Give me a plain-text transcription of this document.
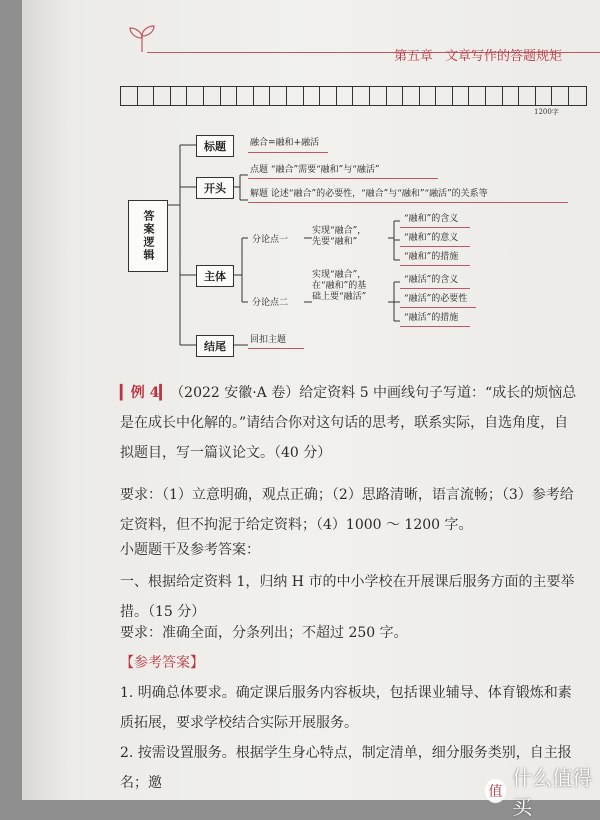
第五章 文章写作的答题规矩
1200字
答案逻辑
标题
开头
主体
结尾
融合=融和+融活
点题 “融合”需要“融和”与“融活”
解题 论述“融合”的必要性，“融合”与“融和”“融活”的关系等
分论点一
实现“融合”，
先要“融和”
分论点二
实现“融合”，
在“融和”的基
础上要“融活”
“融和”的含义
“融和”的意义
“融和”的措施
“融活”的含义
“融活”的必要性
“融活”的措施
回扣主题
▎例 4▎（2022 安徽·A 卷）给定资料 5 中画线句子写道：“成长的烦恼总是在成长中化解的。”请结合你对这句话的思考，联系实际，自选角度，自拟题目，写一篇议论文。（40 分）
要求：（1）立意明确，观点正确；（2）思路清晰，语言流畅；（3）参考给定资料，但不拘泥于给定资料；（4）1000 ～ 1200 字。
小题题干及参考答案：
一、根据给定资料 1，归纳 H 市的中小学校在开展课后服务方面的主要举措。（15 分）
要求：准确全面，分条列出；不超过 250 字。
【参考答案】
1. 明确总体要求。确定课后服务内容板块，包括课业辅导、体育锻炼和素质拓展，要求学校结合实际开展服务。
2. 按需设置服务。根据学生身心特点，制定清单，细分服务类别，自主报名；邀
值
什么值得买
